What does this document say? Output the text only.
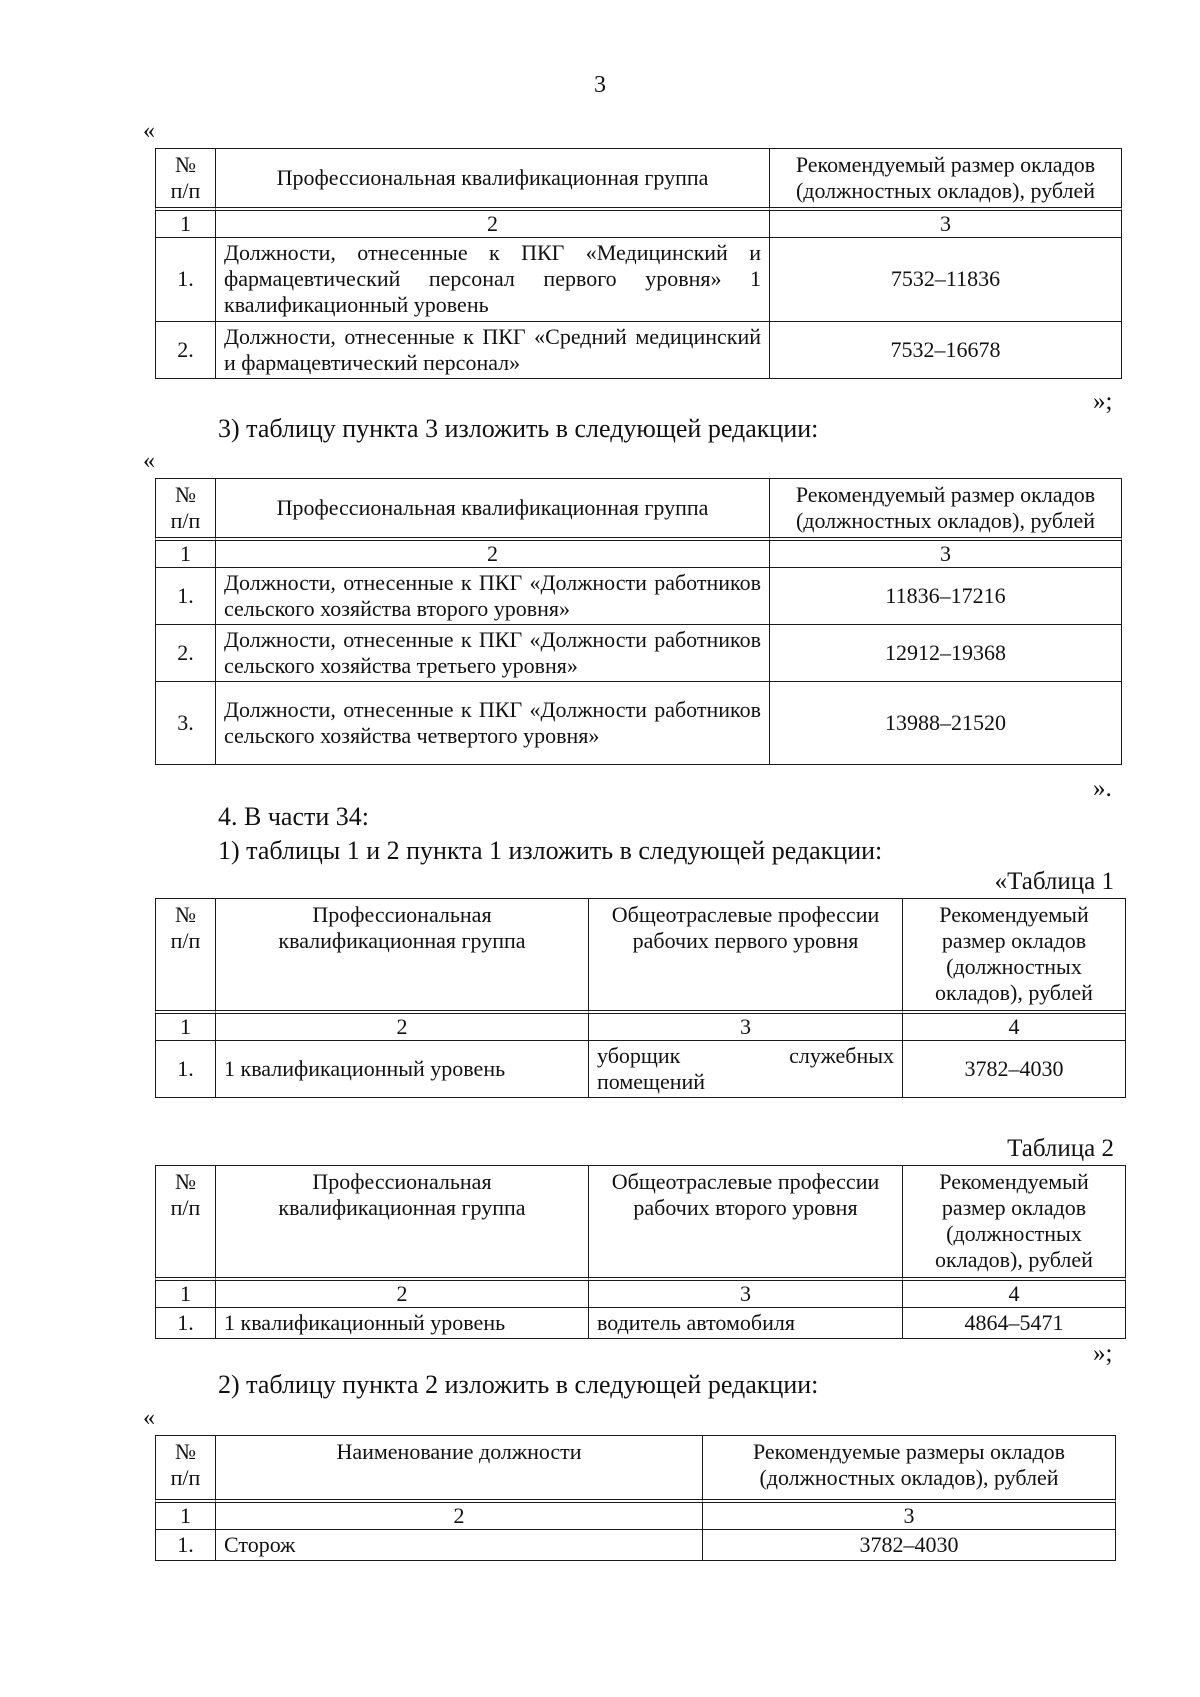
3
«
№
п/п	Профессиональная квалификационная группа	Рекомендуемый размер окладов (должностных окладов), рублей
1	2	3
1.	Должности, отнесенные к ПКГ «Медицинский и фармацевтический персонал первого уровня» 1 квалификационный уровень	7532–11836
2.	Должности, отнесенные к ПКГ «Средний медицинский и фармацевтический персонал»	7532–16678
»;
3) таблицу пункта 3 изложить в следующей редакции:
«
№
п/п	Профессиональная квалификационная группа	Рекомендуемый размер окладов (должностных окладов), рублей
1	2	3
1.	Должности, отнесенные к ПКГ «Должности работников сельского хозяйства второго уровня»	11836–17216
2.	Должности, отнесенные к ПКГ «Должности работников сельского хозяйства третьего уровня»	12912–19368
3.	Должности, отнесенные к ПКГ «Должности работников сельского хозяйства четвертого уровня»	13988–21520
».
4. В части 34:
1) таблицы 1 и 2 пункта 1 изложить в следующей редакции:
«Таблица 1
№
п/п	Профессиональная квалификационная группа	Общеотраслевые профессии рабочих первого уровня	Рекомендуемый размер окладов (должностных окладов), рублей
1	2	3	4
1.	1 квалификационный уровень	уборщик служебных помещений	3782–4030
Таблица 2
№
п/п	Профессиональная квалификационная группа	Общеотраслевые профессии рабочих второго уровня	Рекомендуемый размер окладов (должностных окладов), рублей
1	2	3	4
1.	1 квалификационный уровень	водитель автомобиля	4864–5471
»;
2) таблицу пункта 2 изложить в следующей редакции:
«
№
п/п	Наименование должности	Рекомендуемые размеры окладов (должностных окладов), рублей
1	2	3
1.	Сторож	3782–4030
